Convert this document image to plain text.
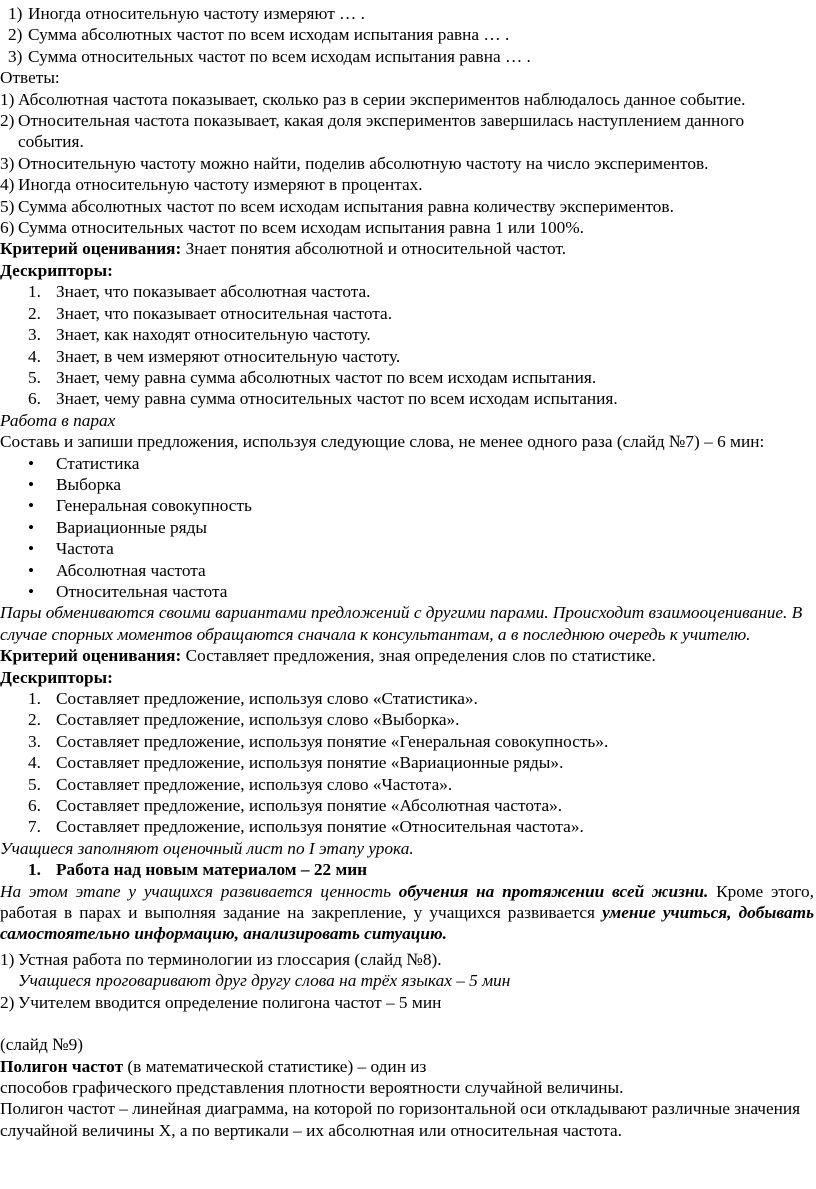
1) Иногда относительную частоту измеряют … .
2) Сумма абсолютных частот по всем исходам испытания равна … .
3) Сумма относительных частот по всем исходам испытания равна … .
Ответы:
1) Абсолютная частота показывает, сколько раз в серии экспериментов наблюдалось данное событие.
2) Относительная частота показывает, какая доля экспериментов завершилась наступлением данного события.
3) Относительную частоту можно найти, поделив абсолютную частоту на число экспериментов.
4) Иногда относительную частоту измеряют в процентах.
5) Сумма абсолютных частот по всем исходам испытания равна количеству экспериментов.
6) Сумма относительных частот по всем исходам испытания равна 1 или 100%.
Критерий оценивания: Знает понятия абсолютной и относительной частот.
Дескрипторы:
1. Знает, что показывает абсолютная частота.
2. Знает, что показывает относительная частота.
3. Знает, как находят относительную частоту.
4. Знает, в чем измеряют относительную частоту.
5. Знает, чему равна сумма абсолютных частот по всем исходам испытания.
6. Знает, чему равна сумма относительных частот по всем исходам испытания.
Работа в парах
Составь и запиши предложения, используя следующие слова, не менее одного раза (слайд №7) – 6 мин:
•	Статистика
•	Выборка
•	Генеральная совокупность
•	Вариационные ряды
•	Частота
•	Абсолютная частота
•	Относительная частота
Пары обмениваются своими вариантами предложений с другими парами. Происходит взаимооценивание. В случае спорных моментов обращаются сначала к консультантам, а в последнюю очередь к учителю.
Критерий оценивания: Составляет предложения, зная определения слов по статистике.
Дескрипторы:
1. Составляет предложение, используя слово «Статистика».
2. Составляет предложение, используя слово «Выборка».
3. Составляет предложение, используя понятие «Генеральная совокупность».
4. Составляет предложение, используя понятие «Вариационные ряды».
5. Составляет предложение, используя слово «Частота».
6. Составляет предложение, используя понятие «Абсолютная частота».
7. Составляет предложение, используя понятие «Относительная частота».
Учащиеся заполняют оценочный лист по I этапу урока.
1. Работа над новым материалом – 22 мин
На этом этапе у учащихся развивается ценность обучения на протяжении всей жизни. Кроме этого, работая в парах и выполняя задание на закрепление, у учащихся развивается умение учиться, добывать самостоятельно информацию, анализировать ситуацию.
1) Устная работа по терминологии из глоссария (слайд №8).
Учащиеся проговаривают друг другу слова на трёх языках – 5 мин
2) Учителем вводится определение полигона частот – 5 мин
(слайд №9)
Полигон частот (в математической статистике) – один из
способов графического представления плотности вероятности случайной величины.
Полигон частот – линейная диаграмма, на которой по горизонтальной оси откладывают различные значения случайной величины X, а по вертикали – их абсолютная или относительная частота.
